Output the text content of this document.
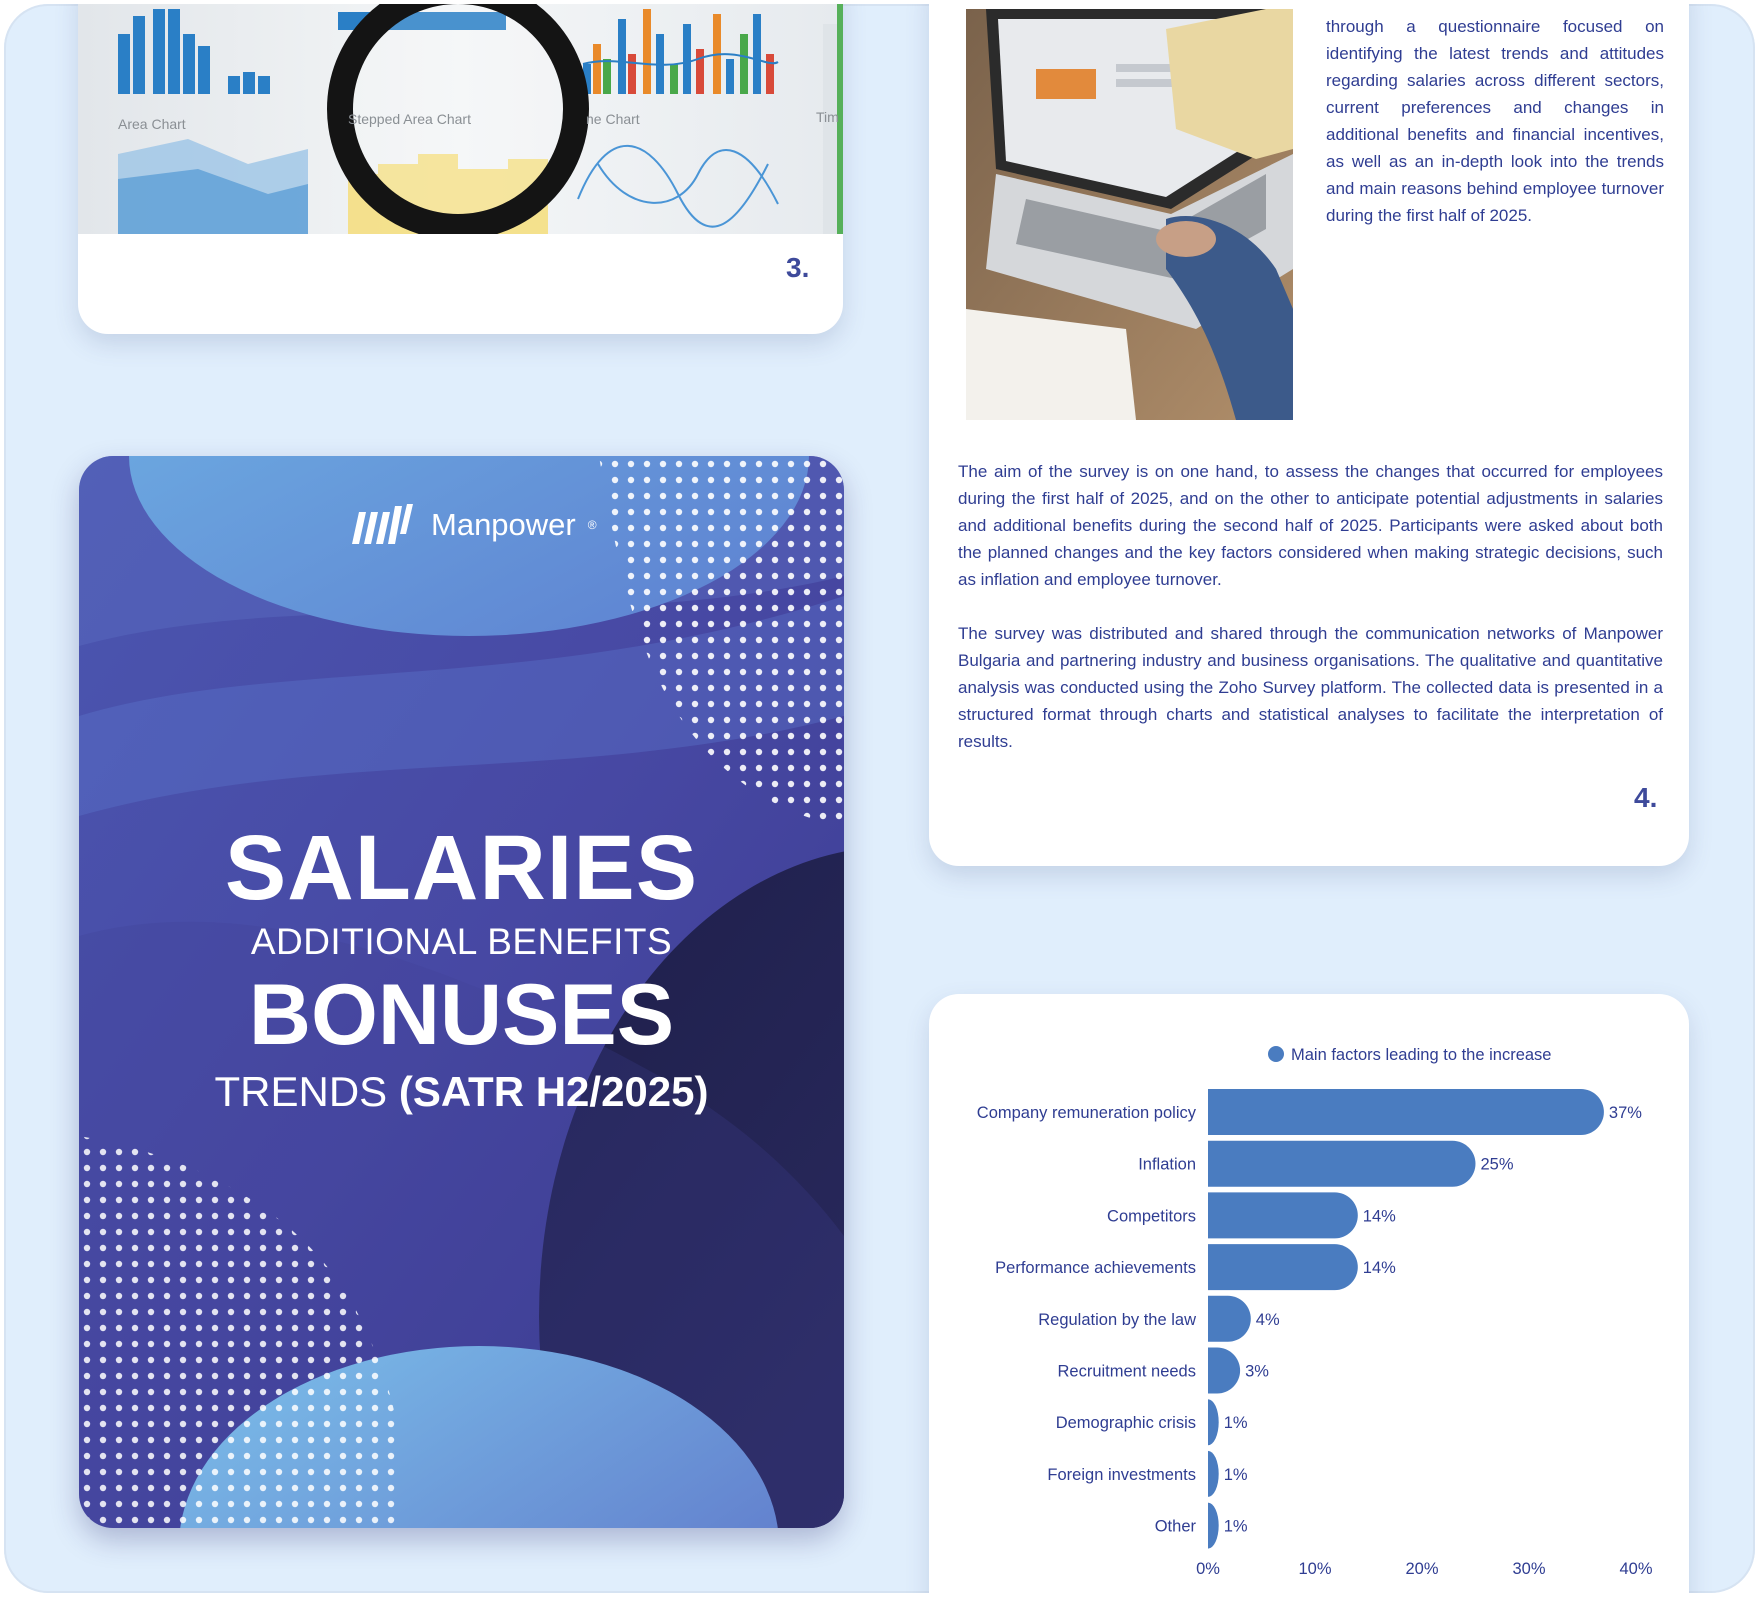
Area Chart	Stepped Area Chart	ne Chart	Tim
3.
Manpower ®
SALARIES
ADDITIONAL BENEFITS
BONUSES
TRENDS (SATR H2/2025)
through a questionnaire focused on identifying the latest trends and attitudes regarding salaries across different sectors, current preferences and changes in additional benefits and financial incentives, as well as an in-depth look into the trends and main reasons behind employee turnover during the first half of 2025.
The aim of the survey is on one hand, to assess the changes that occurred for employees during the first half of 2025, and on the other to anticipate potential adjustments in salaries and additional benefits during the second half of 2025. Participants were asked about both the planned changes and the key factors considered when making strategic decisions, such as inflation and employee turnover.
The survey was distributed and shared through the communication networks of Manpower Bulgaria and partnering industry and business organisations. The qualitative and quantitative analysis was conducted using the Zoho Survey platform. The collected data is presented in a structured format through charts and statistical analyses to facilitate the interpretation of results.
4.
Main factors leading to the increase
Company remuneration policy	37%
Inflation	25%
Competitors	14%
Performance achievements	14%
Regulation by the law	4%
Recruitment needs	3%
Demographic crisis 1%
Foreign investments 1%
Other 1%
0%	10%	20%	30%	40%
